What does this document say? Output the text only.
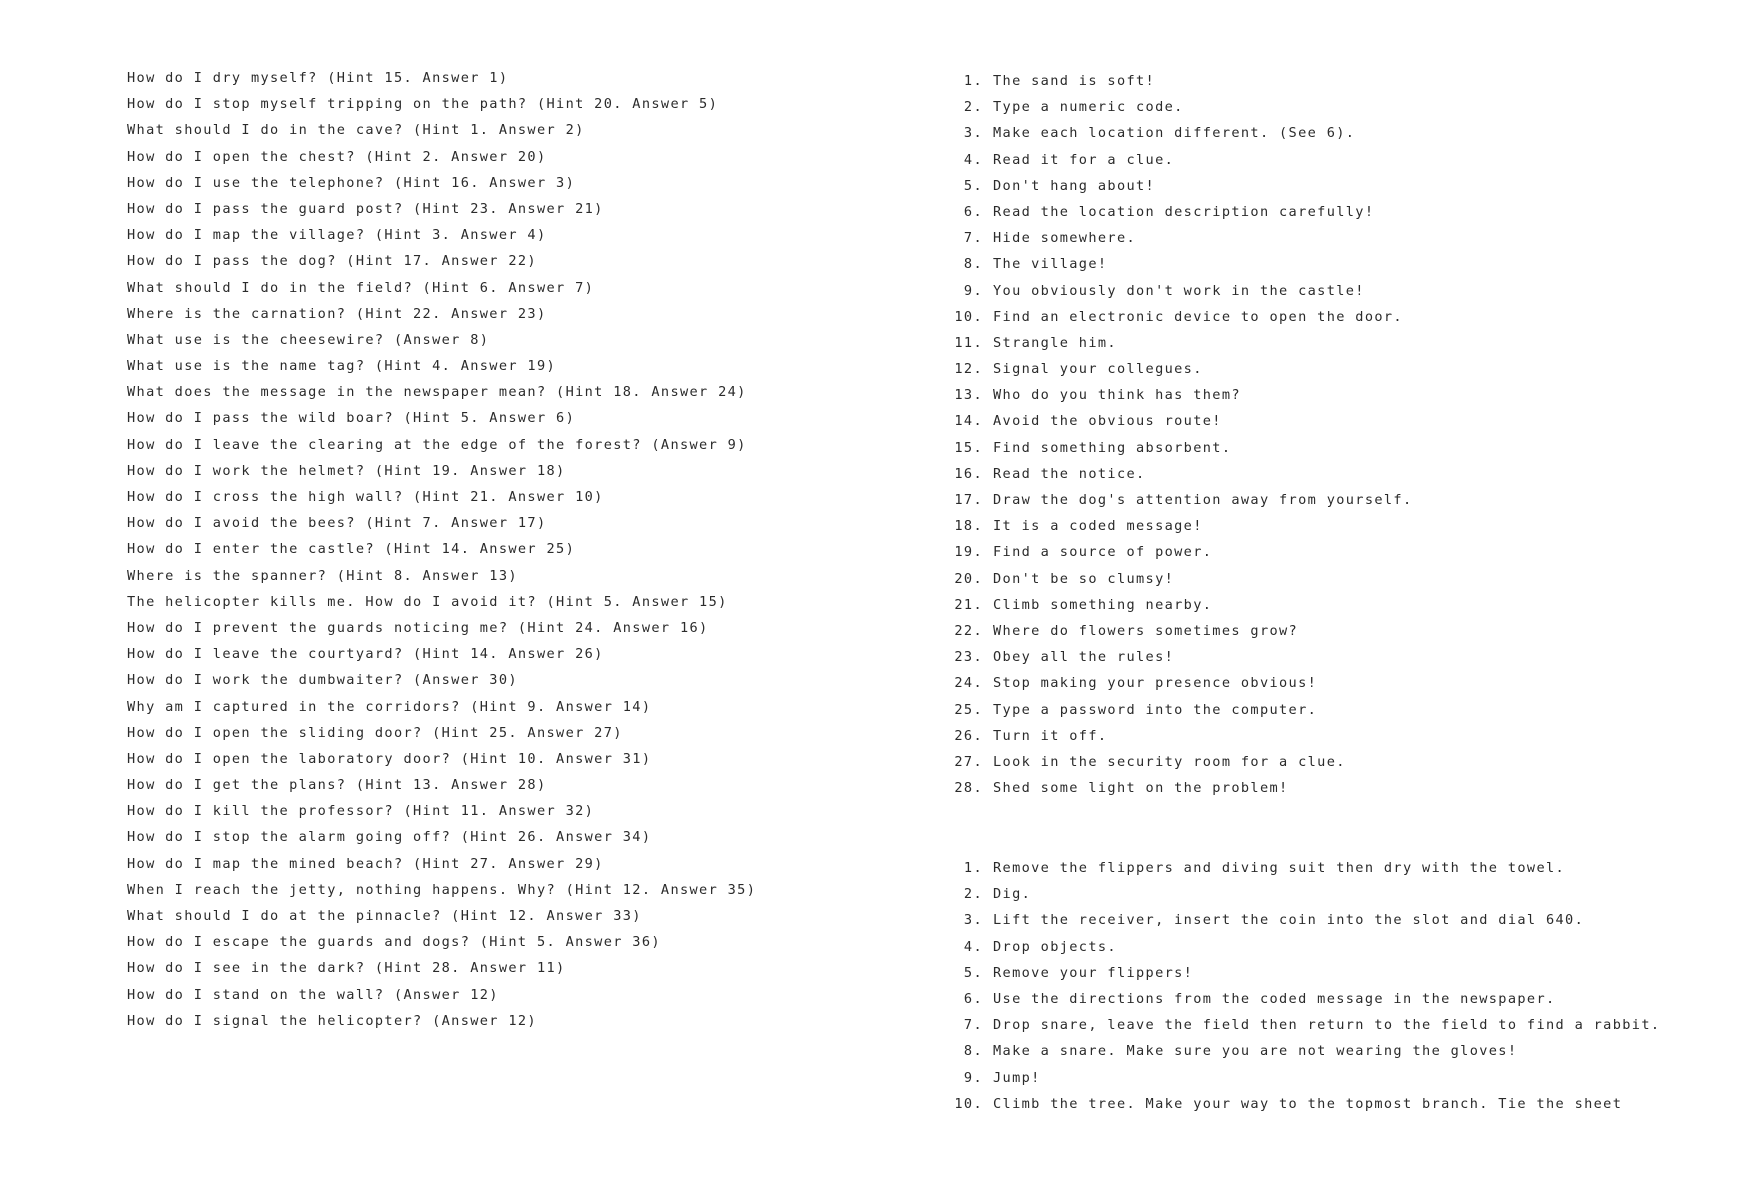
How do I dry myself? (Hint 15. Answer 1)
How do I stop myself tripping on the path? (Hint 20. Answer 5)
What should I do in the cave? (Hint 1. Answer 2)
How do I open the chest? (Hint 2. Answer 20)
How do I use the telephone? (Hint 16. Answer 3)
How do I pass the guard post? (Hint 23. Answer 21)
How do I map the village? (Hint 3. Answer 4)
How do I pass the dog? (Hint 17. Answer 22)
What should I do in the field? (Hint 6. Answer 7)
Where is the carnation? (Hint 22. Answer 23)
What use is the cheesewire? (Answer 8)
What use is the name tag? (Hint 4. Answer 19)
What does the message in the newspaper mean? (Hint 18. Answer 24)
How do I pass the wild boar? (Hint 5. Answer 6)
How do I leave the clearing at the edge of the forest? (Answer 9)
How do I work the helmet? (Hint 19. Answer 18)
How do I cross the high wall? (Hint 21. Answer 10)
How do I avoid the bees? (Hint 7. Answer 17)
How do I enter the castle? (Hint 14. Answer 25)
Where is the spanner? (Hint 8. Answer 13)
The helicopter kills me. How do I avoid it? (Hint 5. Answer 15)
How do I prevent the guards noticing me? (Hint 24. Answer 16)
How do I leave the courtyard? (Hint 14. Answer 26)
How do I work the dumbwaiter? (Answer 30)
Why am I captured in the corridors? (Hint 9. Answer 14)
How do I open the sliding door? (Hint 25. Answer 27)
How do I open the laboratory door? (Hint 10. Answer 31)
How do I get the plans? (Hint 13. Answer 28)
How do I kill the professor? (Hint 11. Answer 32)
How do I stop the alarm going off? (Hint 26. Answer 34)
How do I map the mined beach? (Hint 27. Answer 29)
When I reach the jetty, nothing happens. Why? (Hint 12. Answer 35)
What should I do at the pinnacle? (Hint 12. Answer 33)
How do I escape the guards and dogs? (Hint 5. Answer 36)
How do I see in the dark? (Hint 28. Answer 11)
How do I stand on the wall? (Answer 12)
How do I signal the helicopter? (Answer 12)
1. The sand is soft!
2. Type a numeric code.
3. Make each location different. (See 6).
4. Read it for a clue.
5. Don't hang about!
6. Read the location description carefully!
7. Hide somewhere.
8. The village!
9. You obviously don't work in the castle!
10. Find an electronic device to open the door.
11. Strangle him.
12. Signal your collegues.
13. Who do you think has them?
14. Avoid the obvious route!
15. Find something absorbent.
16. Read the notice.
17. Draw the dog's attention away from yourself.
18. It is a coded message!
19. Find a source of power.
20. Don't be so clumsy!
21. Climb something nearby.
22. Where do flowers sometimes grow?
23. Obey all the rules!
24. Stop making your presence obvious!
25. Type a password into the computer.
26. Turn it off.
27. Look in the security room for a clue.
28. Shed some light on the problem!
1. Remove the flippers and diving suit then dry with the towel.
2. Dig.
3. Lift the receiver, insert the coin into the slot and dial 640.
4. Drop objects.
5. Remove your flippers!
6. Use the directions from the coded message in the newspaper.
7. Drop snare, leave the field then return to the field to find a rabbit.
8. Make a snare. Make sure you are not wearing the gloves!
9. Jump!
10. Climb the tree. Make your way to the topmost branch. Tie the sheet
